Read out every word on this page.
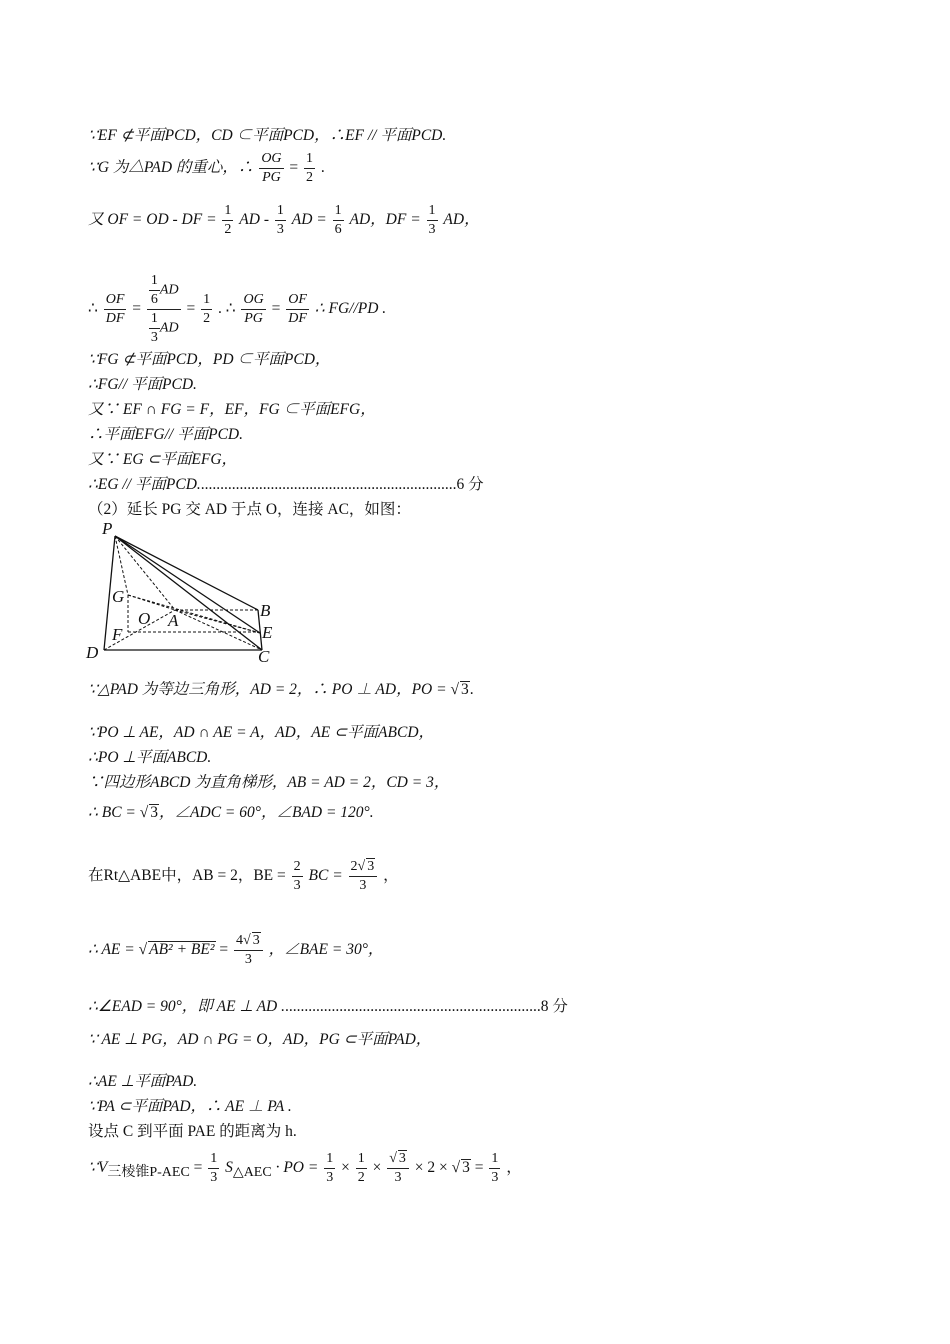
∵EF ⊄平面PCD，CD ⊂平面PCD，∴EF // 平面PCD.
∵G 为△PAD 的重心，∴ $\frac{OG}{PG} = \frac{1}{2}$ .
又 OF = OD - DF = $\frac{1}{2}$ AD - $\frac{1}{3}$ AD = $\frac{1}{6}$ AD，DF = $\frac{1}{3}$ AD，
∴ $\frac{OF}{DF} = \frac{\frac{1}{6} AD}{\frac{1}{3} AD} = \frac{1}{2}$ . ∴ $\frac{OG}{PG} = \frac{OF}{DF}$ ∴ FG//PD .
∵FG ⊄平面PCD，PD ⊂平面PCD，
∴FG// 平面PCD.
又∵ EF ∩ FG = F，EF，FG ⊂平面EFG，
∴平面EFG// 平面PCD.
又∵ EG ⊂平面EFG，
∴EG // 平面PCD...................................................................6 分
（2）延长 PG 交 AD 于点 O，连接 AC，如图：
P
G
O A
B
E
F
D	C
∵△PAD 为等边三角形，AD = 2，∴ PO ⊥ AD，PO = √ 3.
∵PO ⊥ AE，AD ∩ AE = A，AD，AE ⊂平面ABCD，
∴PO ⊥平面ABCD.
∵四边形ABCD 为直角梯形，AB = AD = 2，CD = 3，
∴ BC = √ 3，∠ADC = 60°，∠BAD = 120°.
在Rt△ABE中，AB = 2，BE = $\frac{2}{3}$ BC = $\frac{2√ 3}{3}$ ，
∴ AE = √ $AB^2 + BE^2 = \frac{4√ 3}{3}$ ，∠BAE = 30°，
∴∠EAD = 90°，即 AE ⊥ AD ...................................................................8 分
∵ AE ⊥ PG，AD ∩ PG = O，AD，PG ⊂平面PAD，
∴AE ⊥平面PAD.
∵PA ⊂平面PAD，∴ AE ⊥ PA .
设点 C 到平面 PAE 的距离为 h.
$\because V_{三棱锥P-AEC} = \frac{1}{3} S_{\triangle AEC}$ · PO = $\frac{1}{3} \times \frac{1}{2} \times \frac{√ 3}{3} \times 2$ × √ $3 = \frac{1}{3}$ ，
